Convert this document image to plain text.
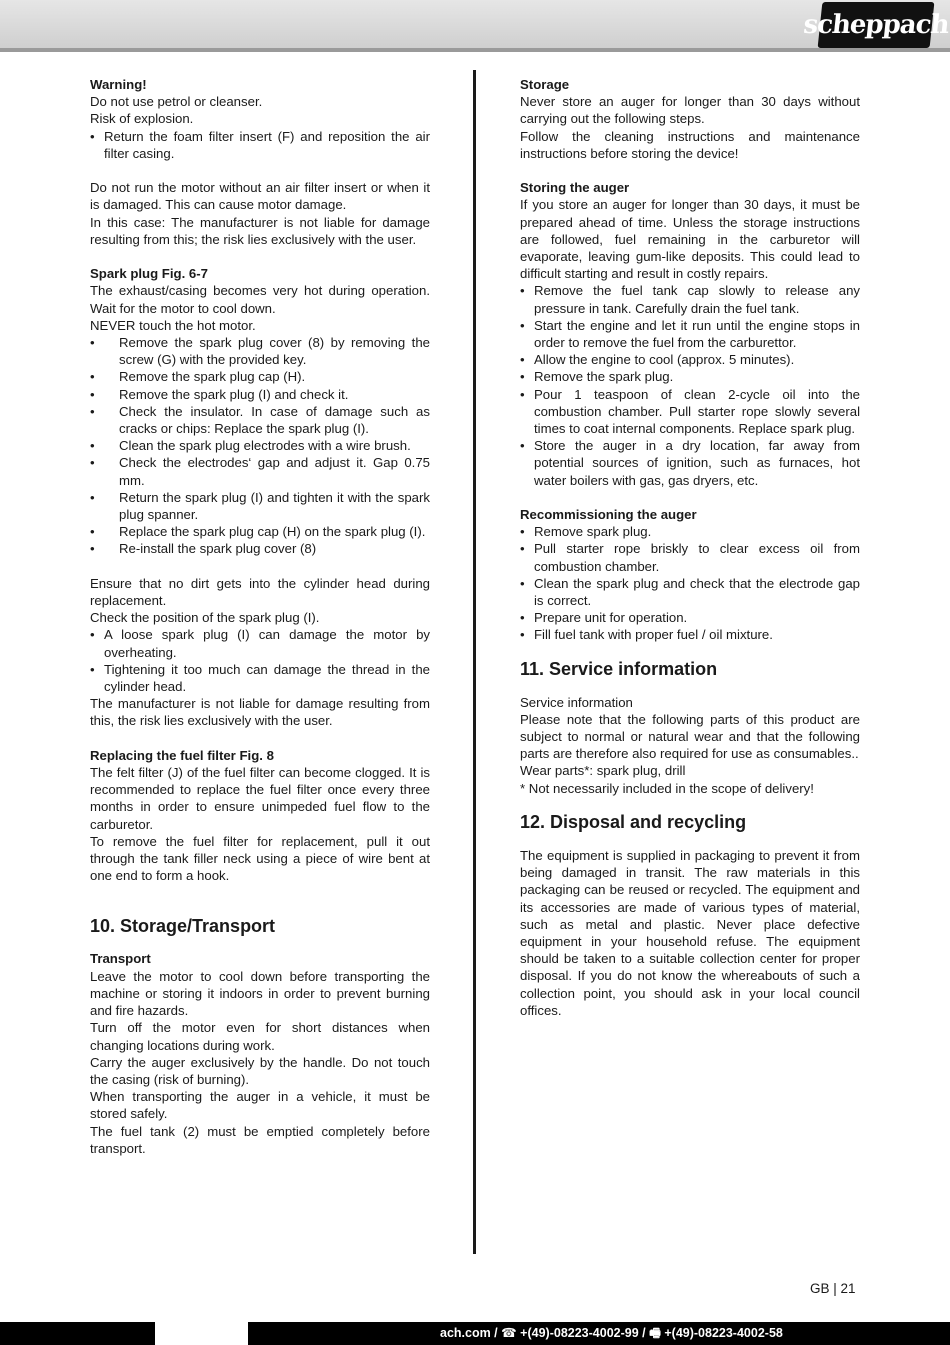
scheppach

Warning!

Do not use petrol or cleanser.

Risk of explosion.

• Return the foam filter insert (F) and reposition the air filter casing.

Do not run the motor without an air filter insert or when it is damaged. This can cause motor damage.

In this case: The manufacturer is not liable for damage resulting from this; the risk lies exclusively with the user.

Spark plug Fig. 6-7

The exhaust/casing becomes very hot during operation. Wait for the motor to cool down.

NEVER touch the hot motor.

• Remove the spark plug cover (8) by removing the screw (G) with the provided key.
• Remove the spark plug cap (H).
• Remove the spark plug (I) and check it.
• Check the insulator. In case of damage such as cracks or chips: Replace the spark plug (I).
• Clean the spark plug electrodes with a wire brush.
• Check the electrodes‘ gap and adjust it. Gap 0.75 mm.
• Return the spark plug (I) and tighten it with the spark plug spanner.
• Replace the spark plug cap (H) on the spark plug (I).
• Re-install the spark plug cover (8)

Ensure that no dirt gets into the cylinder head during replacement.

Check the position of the spark plug (I).

• A loose spark plug (I) can damage the motor by overheating.
• Tightening it too much can damage the thread in the cylinder head.

The manufacturer is not liable for damage resulting from this, the risk lies exclusively with the user.

Replacing the fuel filter Fig. 8

The felt filter (J) of the fuel filter can become clogged. It is recommended to replace the fuel filter once every three months in order to ensure unimpeded fuel flow to the carburetor.

To remove the fuel filter for replacement, pull it out through the tank filler neck using a piece of wire bent at one end to form a hook.

10. Storage/Transport

Transport

Leave the motor to cool down before transporting the machine or storing it indoors in order to prevent burning and fire hazards.

Turn off the motor even for short distances when changing locations during work.

Carry the auger exclusively by the handle. Do not touch the casing (risk of burning).

When transporting the auger in a vehicle, it must be stored safely.

The fuel tank (2) must be emptied completely before transport.

Storage

Never store an auger for longer than 30 days without carrying out the following steps.

Follow the cleaning instructions and maintenance instructions before storing the device!

Storing the auger

If you store an auger for longer than 30 days, it must be prepared ahead of time. Unless the storage instructions are followed, fuel remaining in the carburetor will evaporate, leaving gum-like deposits. This could lead to difficult starting and result in costly repairs.

• Remove the fuel tank cap slowly to release any pressure in tank. Carefully drain the fuel tank.
• Start the engine and let it run until the engine stops in order to remove the fuel from the carburettor.
• Allow the engine to cool (approx. 5 minutes).
• Remove the spark plug.
• Pour 1 teaspoon of clean 2-cycle oil into the combustion chamber. Pull starter rope slowly several times to coat internal components. Replace spark plug.
• Store the auger in a dry location, far away from potential sources of ignition, such as furnaces, hot water boilers with gas, gas dryers, etc.

Recommissioning the auger

• Remove spark plug.
• Pull starter rope briskly to clear excess oil from combustion chamber.
• Clean the spark plug and check that the electrode gap is correct.
• Prepare unit for operation.
• Fill fuel tank with proper fuel / oil mixture.
11. Service information

Service information

Please note that the following parts of this product are subject to normal or natural wear and that the following parts are therefore also required for use as consumables..

Wear parts*: spark plug, drill

* Not necessarily included in the scope of delivery!

12. Disposal and recycling

The equipment is supplied in packaging to prevent it from being damaged in transit. The raw materials in this packaging can be reused or recycled. The equipment and its accessories are made of various types of material, such as metal and plastic. Never place defective equipment in your household refuse. The equipment should be taken to a suitable collection center for proper disposal. If you do not know the whereabouts of such a collection point, you should ask in your local council offices.

GB | 21
ach.com / ☎ +(49)-08223-4002-99 / 🖷 +(49)-08223-4002-58
